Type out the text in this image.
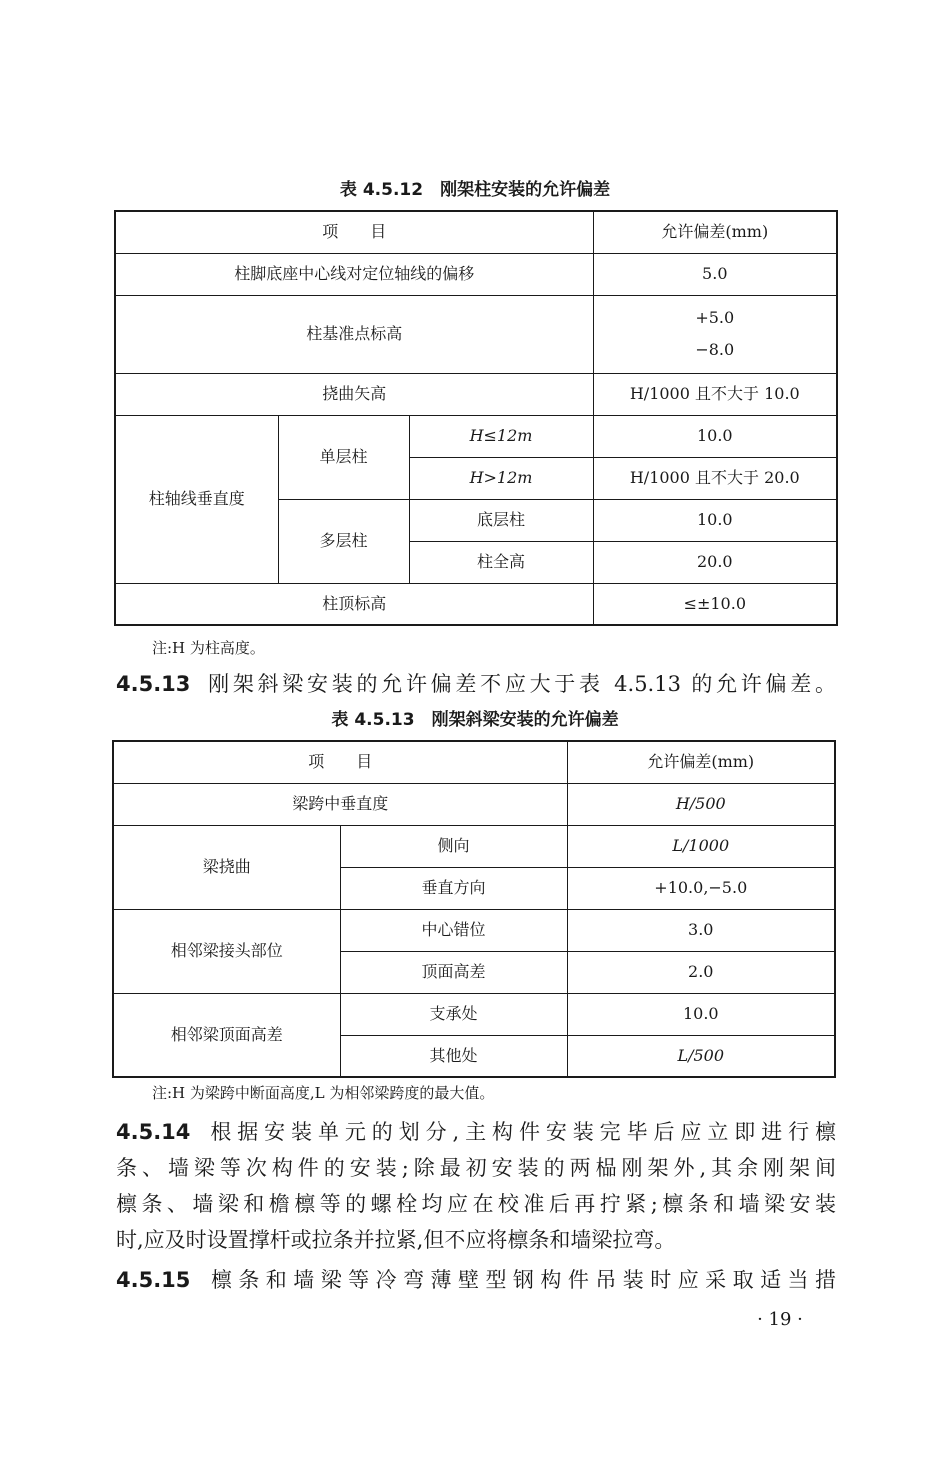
表 4.5.12　刚架柱安装的允许偏差
项　　目			允许偏差(mm)
柱脚底座中心线对定位轴线的偏移			5.0
柱基准点标高			+5.0
−8.0

挠曲矢高			H/1000 且不大于 10.0
柱轴线垂直度	单层柱	H≤12m	10.0
		H>12m	H/1000 且不大于 20.0
	多层柱	底层柱	10.0
		柱全高	20.0
柱顶标高			≤±10.0
注:H 为柱高度。
4.5.13 刚架斜梁安装的允许偏差不应大于表 4.5.13 的允许偏差。
表 4.5.13　刚架斜梁安装的允许偏差
项　　目		允许偏差(mm)
梁跨中垂直度		H/500
梁挠曲	侧向	L/1000
	垂直方向	+10.0,−5.0
相邻梁接头部位	中心错位	3.0
	顶面高差	2.0
相邻梁顶面高差	支承处	10.0
	其他处	L/500
注:H 为梁跨中断面高度,L 为相邻梁跨度的最大值。
4.5.14 根据安装单元的划分,主构件安装完毕后应立即进行檩
条、墙梁等次构件的安装;除最初安装的两榀刚架外,其余刚架间
檩条、墙梁和檐檩等的螺栓均应在校准后再拧紧;檩条和墙梁安装
时,应及时设置撑杆或拉条并拉紧,但不应将檩条和墙梁拉弯。
4.5.15 檩条和墙梁等冷弯薄壁型钢构件吊装时应采取适当措
· 19 ·
